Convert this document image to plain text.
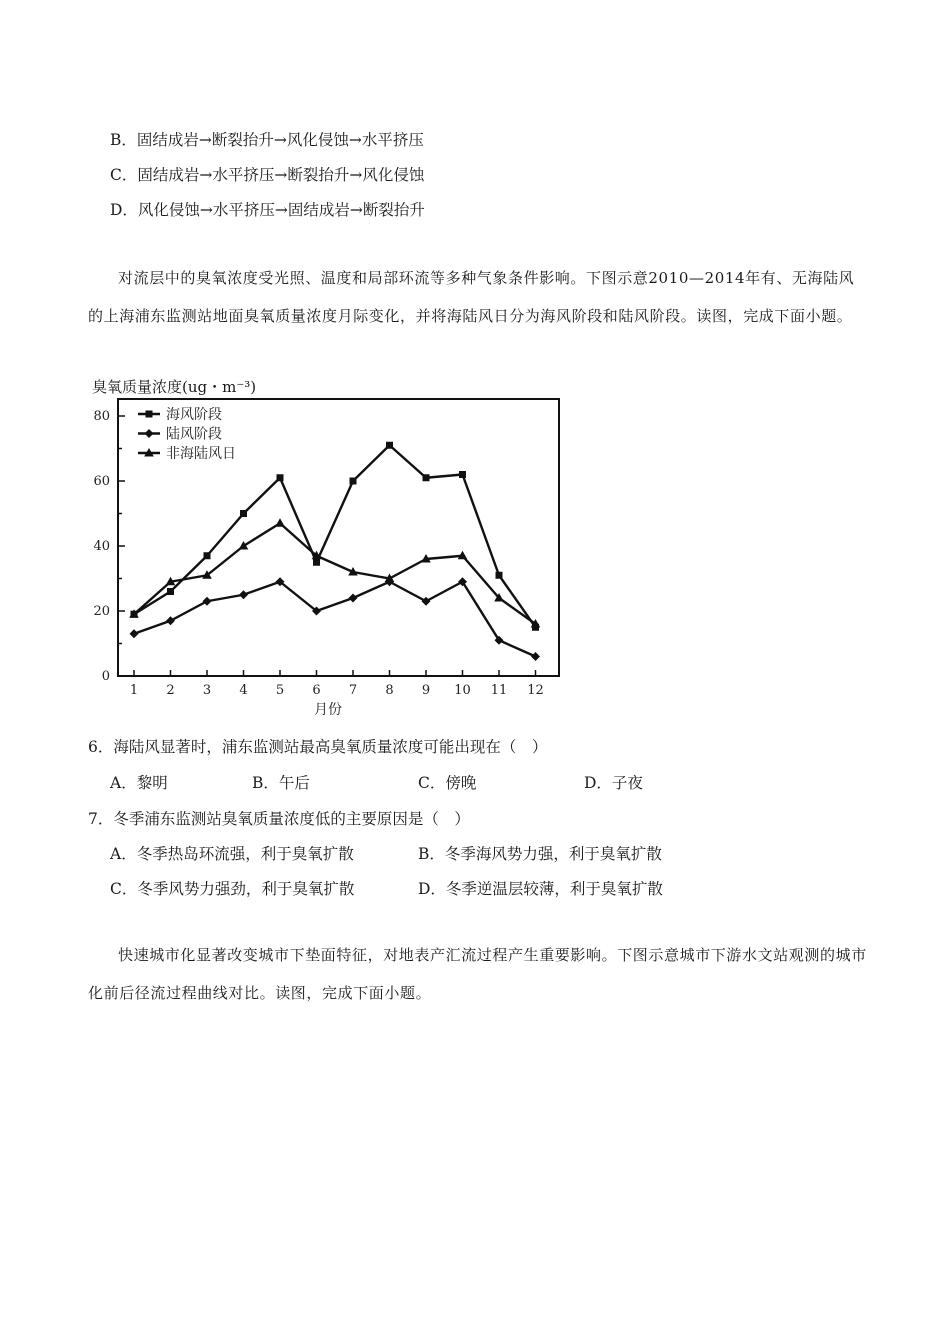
B．固结成岩→断裂抬升→风化侵蚀→水平挤压
C．固结成岩→水平挤压→断裂抬升→风化侵蚀
D．风化侵蚀→水平挤压→固结成岩→断裂抬升
对流层中的臭氧浓度受光照、温度和局部环流等多种气象条件影响。下图示意2010—2014年有、无海陆风的上海浦东监测站地面臭氧质量浓度月际变化，并将海陆风日分为海风阶段和陆风阶段。读图，完成下面小题。
臭氧质量浓度(ug・m⁻³)
0
20
40
60
80
1 2 3 4 5 6 7 8 9 10 11 12
海风阶段
陆风阶段
非海陆风日
月份
6．海陆风显著时，浦东监测站最高臭氧质量浓度可能出现在（　）
A．黎明	B．午后	C．傍晚	D．子夜
7．冬季浦东监测站臭氧质量浓度低的主要原因是（　）
A．冬季热岛环流强，利于臭氧扩散	B．冬季海风势力强，利于臭氧扩散
C．冬季风势力强劲，利于臭氧扩散	D．冬季逆温层较薄，利于臭氧扩散
快速城市化显著改变城市下垫面特征，对地表产汇流过程产生重要影响。下图示意城市下游水文站观测的城市化前后径流过程曲线对比。读图，完成下面小题。
